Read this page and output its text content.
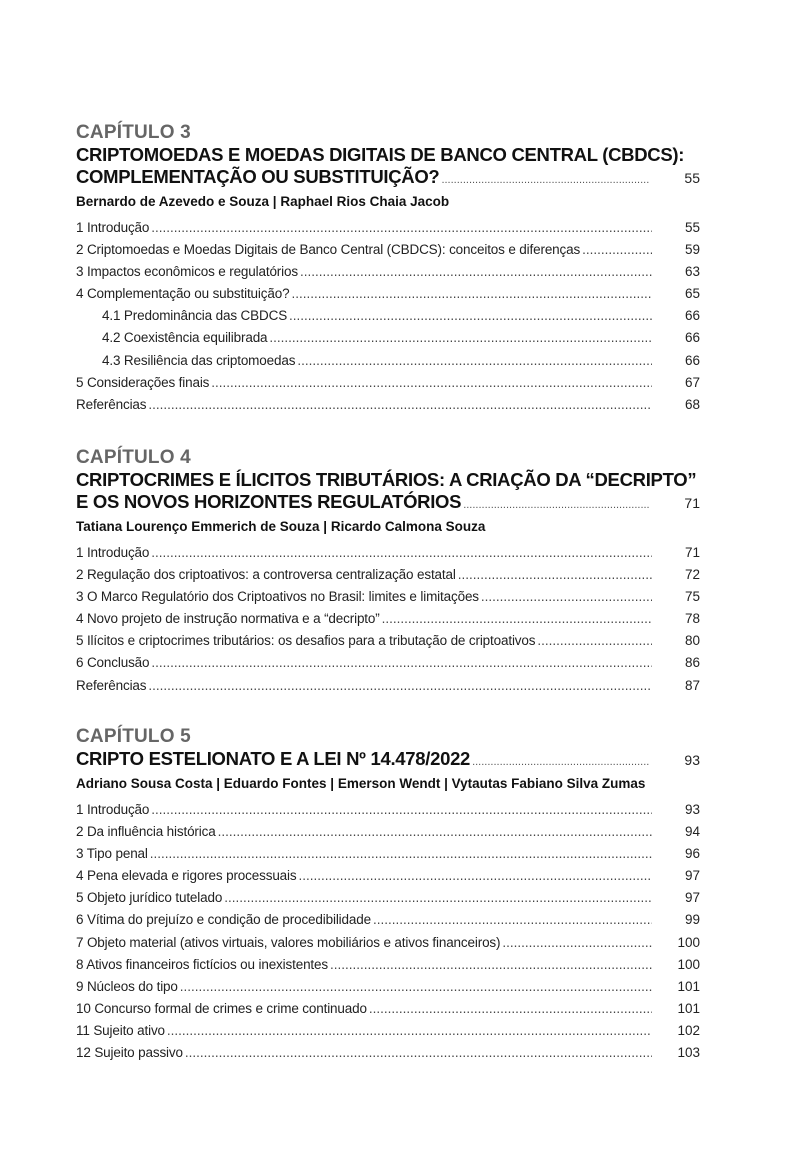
CAPÍTULO 3
CRIPTOMOEDAS E MOEDAS DIGITAIS DE BANCO CENTRAL (CBDCS):
COMPLEMENTAÇÃO OU SUBSTITUIÇÃO? .....	55
Bernardo de Azevedo e Souza | Raphael Rios Chaia Jacob
1 Introdução .....	55
2 Criptomoedas e Moedas Digitais de Banco Central (CBDCS): conceitos e diferenças .....	59
3 Impactos econômicos e regulatórios .....	63
4 Complementação ou substituição? .....	65
4.1 Predominância das CBDCS .....	66
4.2 Coexistência equilibrada .....	66
4.3 Resiliência das criptomoedas .....	66
5 Considerações finais .....	67
Referências .....	68
CAPÍTULO 4
CRIPTOCRIMES E ÍLICITOS TRIBUTÁRIOS: A CRIAÇÃO DA “DECRIPTO”
E OS NOVOS HORIZONTES REGULATÓRIOS .....	71
Tatiana Lourenço Emmerich de Souza | Ricardo Calmona Souza
1 Introdução .....	71
2 Regulação dos criptoativos: a controversa centralização estatal .....	72
3 O Marco Regulatório dos Criptoativos no Brasil: limites e limitações .....	75
4 Novo projeto de instrução normativa e a “decripto” .....	78
5 Ilícitos e criptocrimes tributários: os desafios para a tributação de criptoativos .....	80
6 Conclusão .....	86
Referências .....	87
CAPÍTULO 5
CRIPTO ESTELIONATO E A LEI Nº 14.478/2022 .....	93
Adriano Sousa Costa | Eduardo Fontes | Emerson Wendt | Vytautas Fabiano Silva Zumas
1 Introdução .....	93
2 Da influência histórica .....	94
3 Tipo penal .....	96
4 Pena elevada e rigores processuais .....	97
5 Objeto jurídico tutelado .....	97
6 Vítima do prejuízo e condição de procedibilidade .....	99
7 Objeto material (ativos virtuais, valores mobiliários e ativos financeiros) .....	100
8 Ativos financeiros fictícios ou inexistentes .....	100
9 Núcleos do tipo .....	101
10 Concurso formal de crimes e crime continuado .....	101
11 Sujeito ativo .....	102
12 Sujeito passivo .....	103
